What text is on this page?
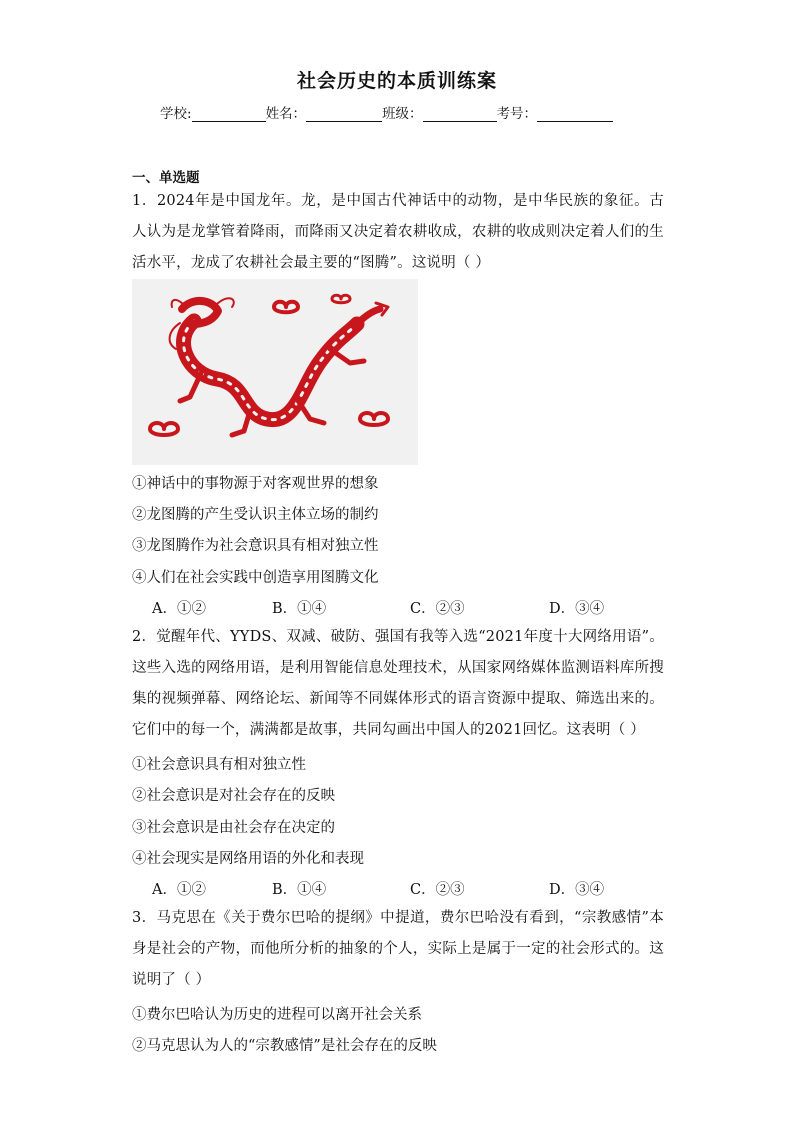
社会历史的本质训练案
学校:	姓名：	班级：	考号：
一、单选题
1．2024年是中国龙年。龙，是中国古代神话中的动物，是中华民族的象征。古人认为是龙掌管着降雨，而降雨又决定着农耕收成，农耕的收成则决定着人们的生活水平，龙成了农耕社会最主要的“图腾”。这说明（ ）
①神话中的事物源于对客观世界的想象
②龙图腾的产生受认识主体立场的制约
③龙图腾作为社会意识具有相对独立性
④人们在社会实践中创造享用图腾文化
A．①②	B．①④	C．②③	D．③④
2．觉醒年代、YYDS、双减、破防、强国有我等入选“2021年度十大网络用语”。这些入选的网络用语，是利用智能信息处理技术，从国家网络媒体监测语料库所搜集的视频弹幕、网络论坛、新闻等不同媒体形式的语言资源中提取、筛选出来的。它们中的每一个，满满都是故事，共同勾画出中国人的2021回忆。这表明（ ）
①社会意识具有相对独立性
②社会意识是对社会存在的反映
③社会意识是由社会存在决定的
④社会现实是网络用语的外化和表现
A．①②	B．①④	C．②③	D．③④
3．马克思在《关于费尔巴哈的提纲》中提道，费尔巴哈没有看到，“宗教感情”本身是社会的产物，而他所分析的抽象的个人，实际上是属于一定的社会形式的。这说明了（ ）
①费尔巴哈认为历史的进程可以离开社会关系
②马克思认为人的“宗教感情”是社会存在的反映
